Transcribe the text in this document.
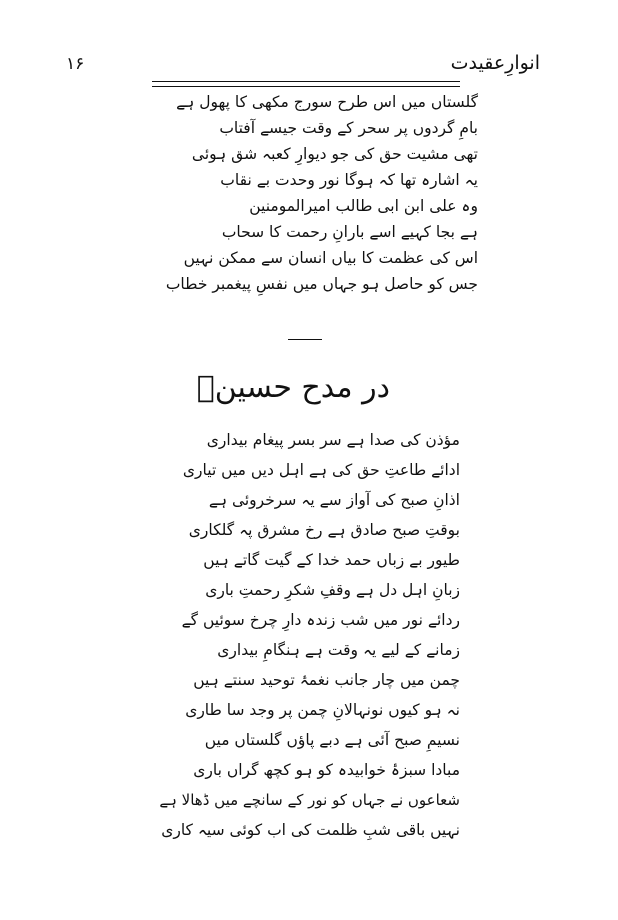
انوارِعقیدت
۱۶
گلستاں میں اس طرح سورج مکھی کا پھول ہے
بامِ گردوں پر سحر کے وقت جیسے آفتاب
تھی مشیت حق کی جو دیوارِ کعبہ شق ہوئی
یہ اشارہ تھا کہ ہوگا نور وحدت بے نقاب
وہ علی ابن ابی طالب امیرالمومنین
ہے بجا کہیے اسے بارانِ رحمت کا سحاب
اس کی عظمت کا بیاں انسان سے ممکن نہیں
جس کو حاصل ہو جہاں میں نفسِ پیغمبر خطاب
در مدح حسینؑ
مؤذن کی صدا ہے سر بسر پیغام بیداری
ادائے طاعتِ حق کی ہے اہل دیں میں تیاری
اذانِ صبح کی آواز سے یہ سرخروئی ہے
بوقتِ صبح صادق ہے رخ مشرق پہ گلکاری
طیور بے زباں حمد خدا کے گیت گاتے ہیں
زبانِ اہل دل ہے وقفِ شکرِ رحمتِ باری
ردائے نور میں شب زندہ دارِ چرخ سوئیں گے
زمانے کے لیے یہ وقت ہے ہنگامِ بیداری
چمن میں چار جانب نغمۂ توحید سنتے ہیں
نہ ہو کیوں نونہالانِ چمن پر وجد سا طاری
نسیمِ صبح آئی ہے دبے پاؤں گلستاں میں
مبادا سبزۂ خوابیدہ کو ہو کچھ گراں باری
شعاعوں نے جہاں کو نور کے سانچے میں ڈھالا ہے
نہیں باقی شبِ ظلمت کی اب کوئی سیہ کاری
